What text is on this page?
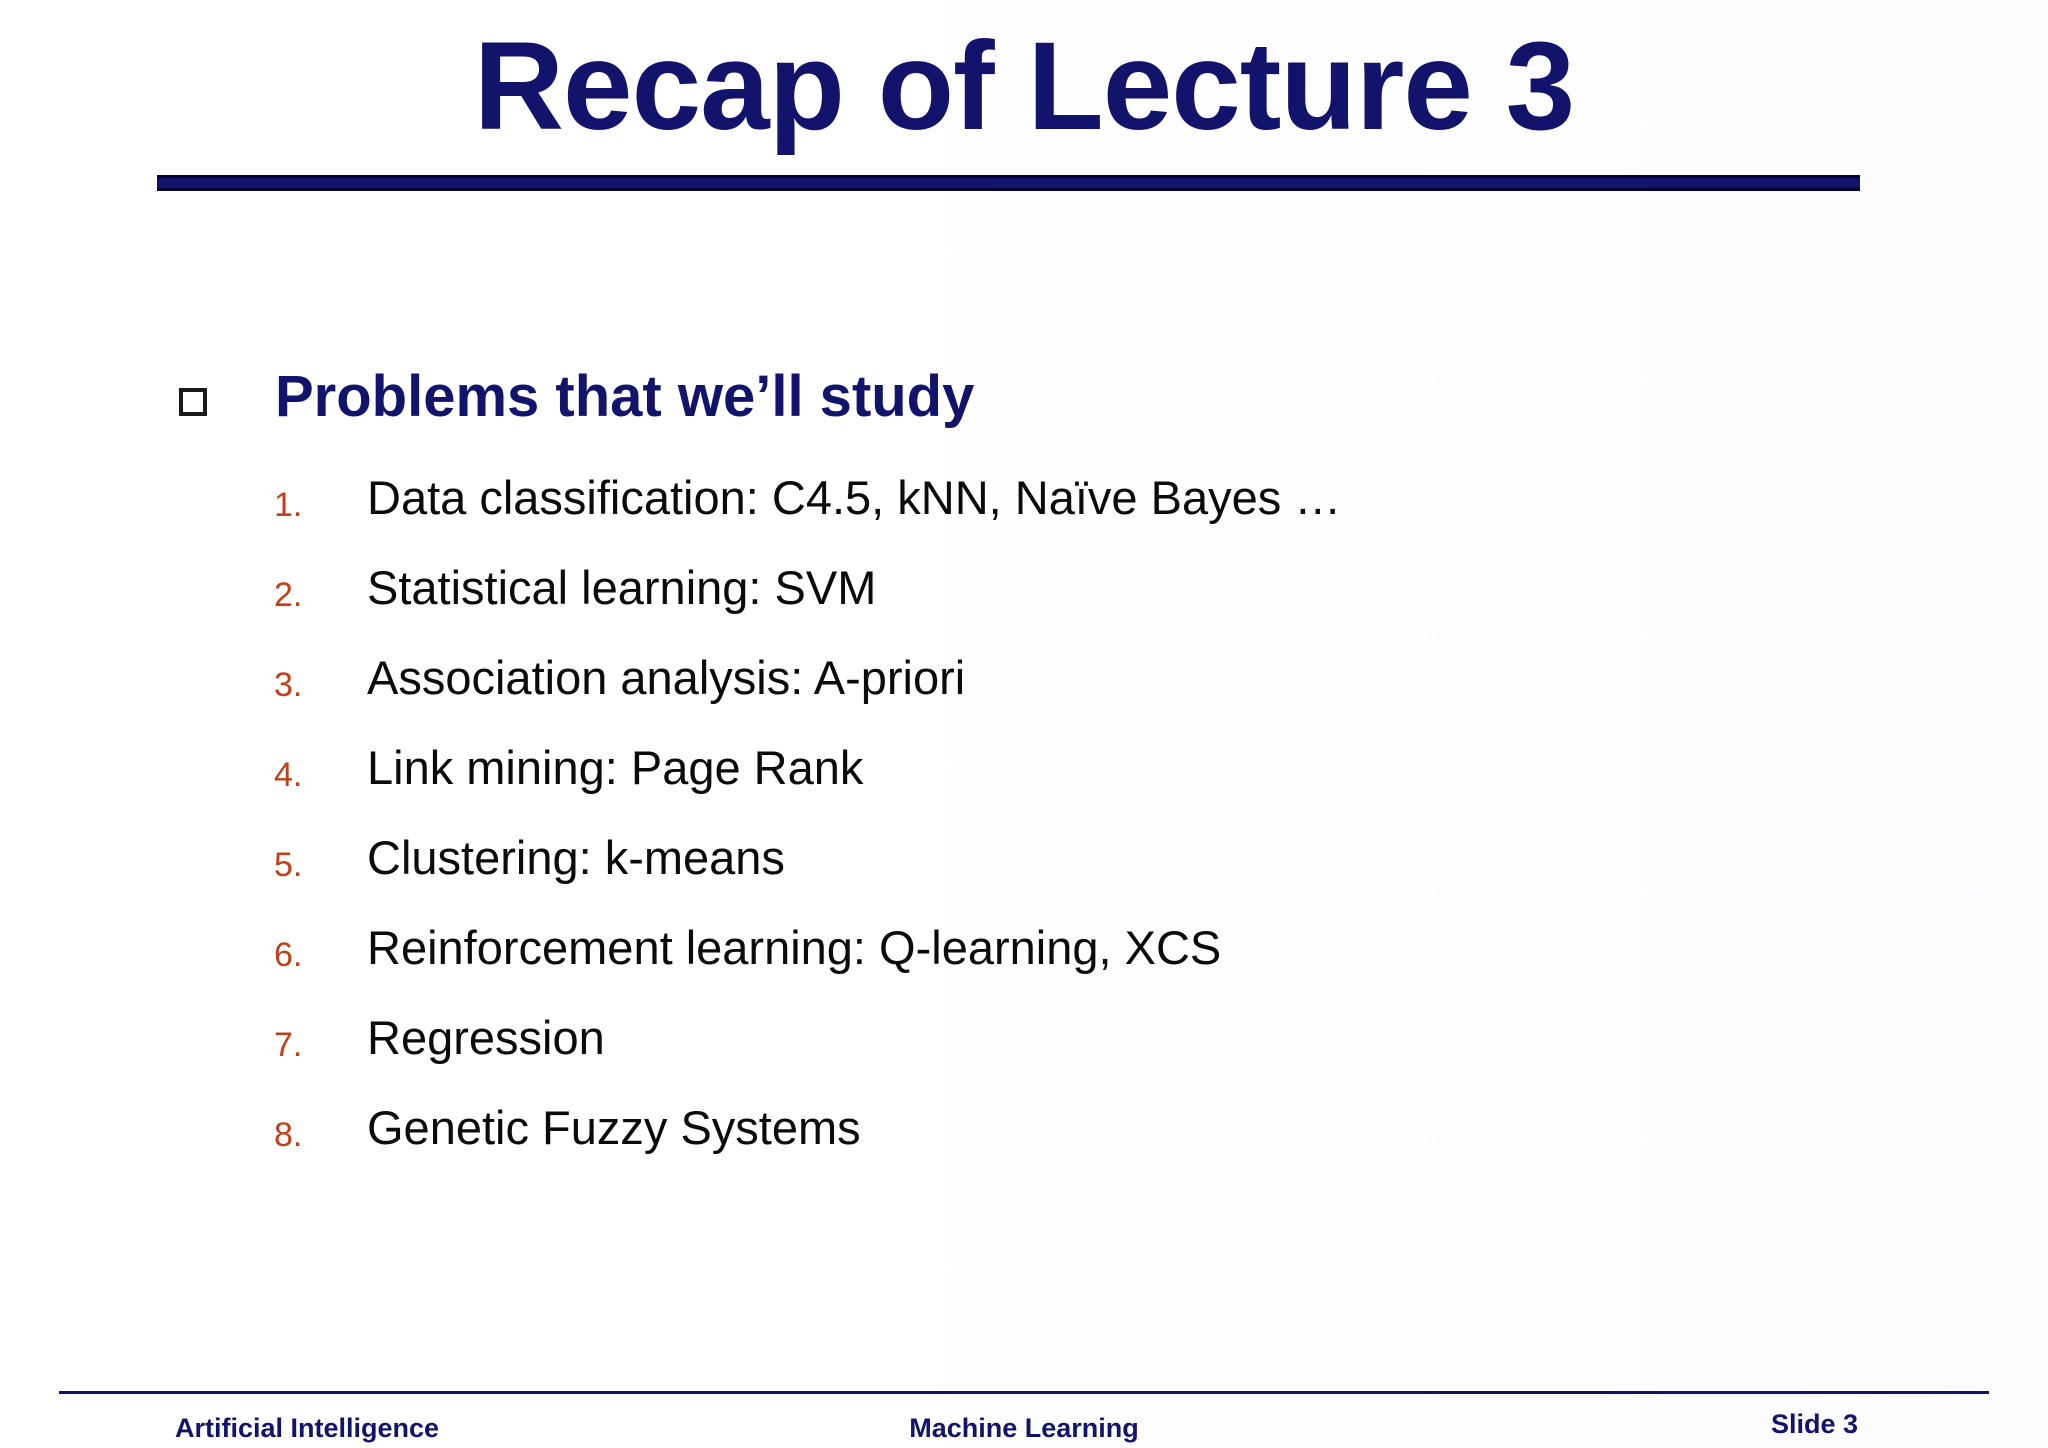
Recap of Lecture 3
Problems that we’ll study
1. Data classification: C4.5, kNN, Naïve Bayes …
2. Statistical learning: SVM
3. Association analysis: A-priori
4. Link mining: Page Rank
5. Clustering: k-means
6. Reinforcement learning: Q-learning, XCS
7. Regression
8. Genetic Fuzzy Systems
Artificial Intelligence	Machine Learning	Slide 3
